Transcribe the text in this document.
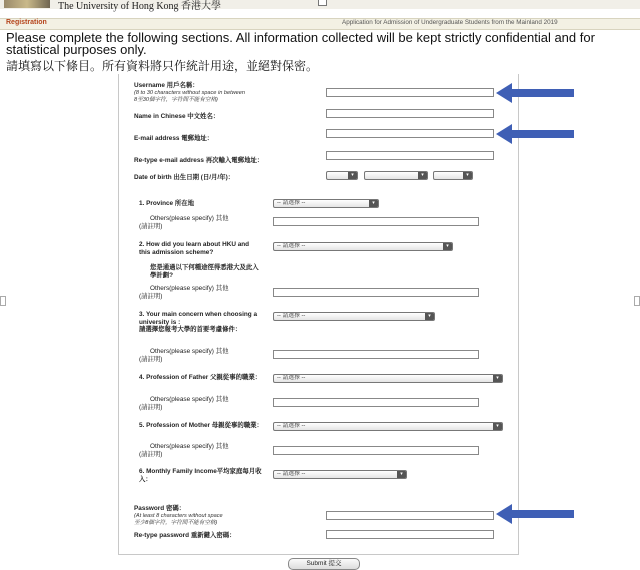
The University of Hong Kong 香港大學
Registration	Application for Admission of Undergraduate Students from the Mainland 2019
Please complete the following sections. All information collected will be kept strictly confidential and for statistical purposes only.
請填寫以下條目。所有資料將只作統計用途，並絕對保密。
Username 用戶名稱：
(8 to 30 characters without space in between
8至30個字符，字符間不能有空格)
Name in Chinese 中文姓名：
E-mail address 電郵地址：
Re-type e-mail address 再次輸入電郵地址：
Date of birth 出生日期 (日/月/年)：	▾	▾	▾
1. Province 所在地	-- 請選擇 --	▾
Others(please specify) 其他
(請註明)
2. How did you learn about HKU and this admission scheme?
您是通過以下何種途徑得悉港大及此入學計劃?
-- 請選擇 --	▾
Others(please specify) 其他
(請註明)
3. Your main concern when choosing a university is :
請選擇您報考大學的首要考慮條件：
-- 請選擇 --	▾
Others(please specify) 其他
(請註明)
4. Profession of Father 父親從事的職業：	-- 請選擇 --	▾
Others(please specify) 其他
(請註明)
5. Profession of Mother 母親從事的職業：	-- 請選擇 --	▾
Others(please specify) 其他
(請註明)
6. Monthly Family Income平均家庭每月收入：
-- 請選擇 --	▾
Password 密碼：
(At least 8 characters without space
至少8個字符，字符間不能有空格)
Re-type password 重新鍵入密碼：
Submit 提交
